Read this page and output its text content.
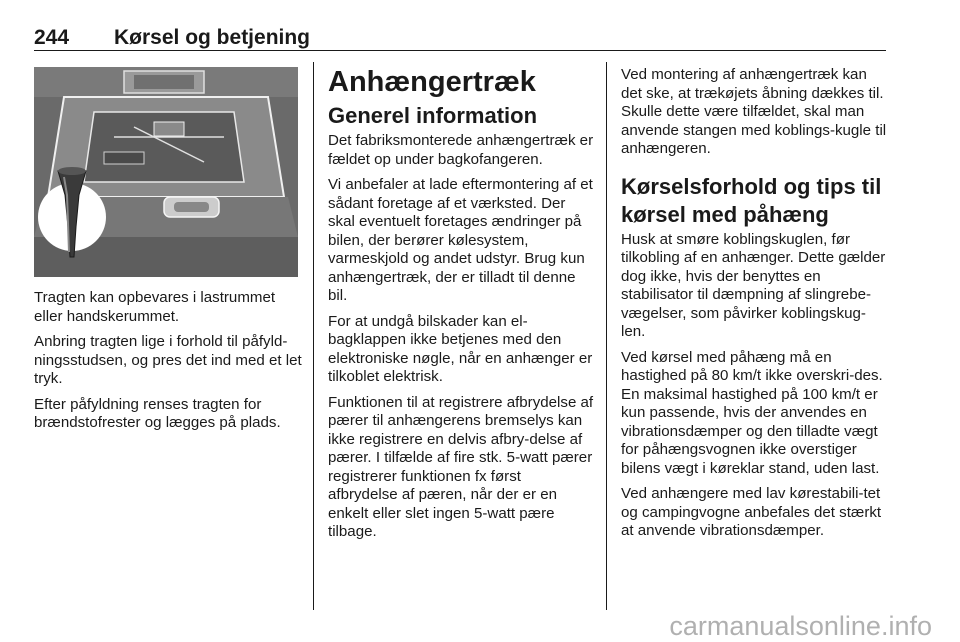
244 Kørsel og betjening

Tragten kan opbevares i lastrummet eller handskerummet.

Anbring tragten lige i forhold til påfyld-ningsstudsen, og pres det ind med et let tryk.

Efter påfyldning renses tragten for brændstofrester og lægges på plads.

Anhængertræk
Generel information

Det fabriksmonterede anhængertræk er fældet op under bagkofangeren.

Vi anbefaler at lade eftermontering af et sådant foretage af et værksted. Der skal eventuelt foretages ændringer på bilen, der berører kølesystem, varmeskjold og andet udstyr. Brug kun anhængertræk, der er tilladt til denne bil.

For at undgå bilskader kan el-bagklappen ikke betjenes med den elektroniske nøgle, når en anhænger er tilkoblet elektrisk.

Funktionen til at registrere afbrydelse af pærer til anhængerens bremselys kan ikke registrere en delvis afbry-delse af pærer. I tilfælde af fire stk. 5-watt pærer registrerer funktionen fx først afbrydelse af pæren, når der er en enkelt eller slet ingen 5-watt pære tilbage.

Ved montering af anhængertræk kan det ske, at trækøjets åbning dækkes til. Skulle dette være tilfældet, skal man anvende stangen med koblings-kugle til anhængeren.

Kørselsforhold og tips til kørsel med påhæng

Husk at smøre koblingskuglen, før tilkobling af en anhænger. Dette gælder dog ikke, hvis der benyttes en stabilisator til dæmpning af slingrebe-vægelser, som påvirker koblingskug-len.

Ved kørsel med påhæng må en hastighed på 80 km/t ikke overskri-des. En maksimal hastighed på 100 km/t er kun passende, hvis der anvendes en vibrationsdæmper og den tilladte vægt for påhængsvognen ikke overstiger bilens vægt i køreklar stand, uden last.

Ved anhængere med lav kørestabili-tet og campingvogne anbefales det stærkt at anvende vibrationsdæmper.

carmanualsonline.info
